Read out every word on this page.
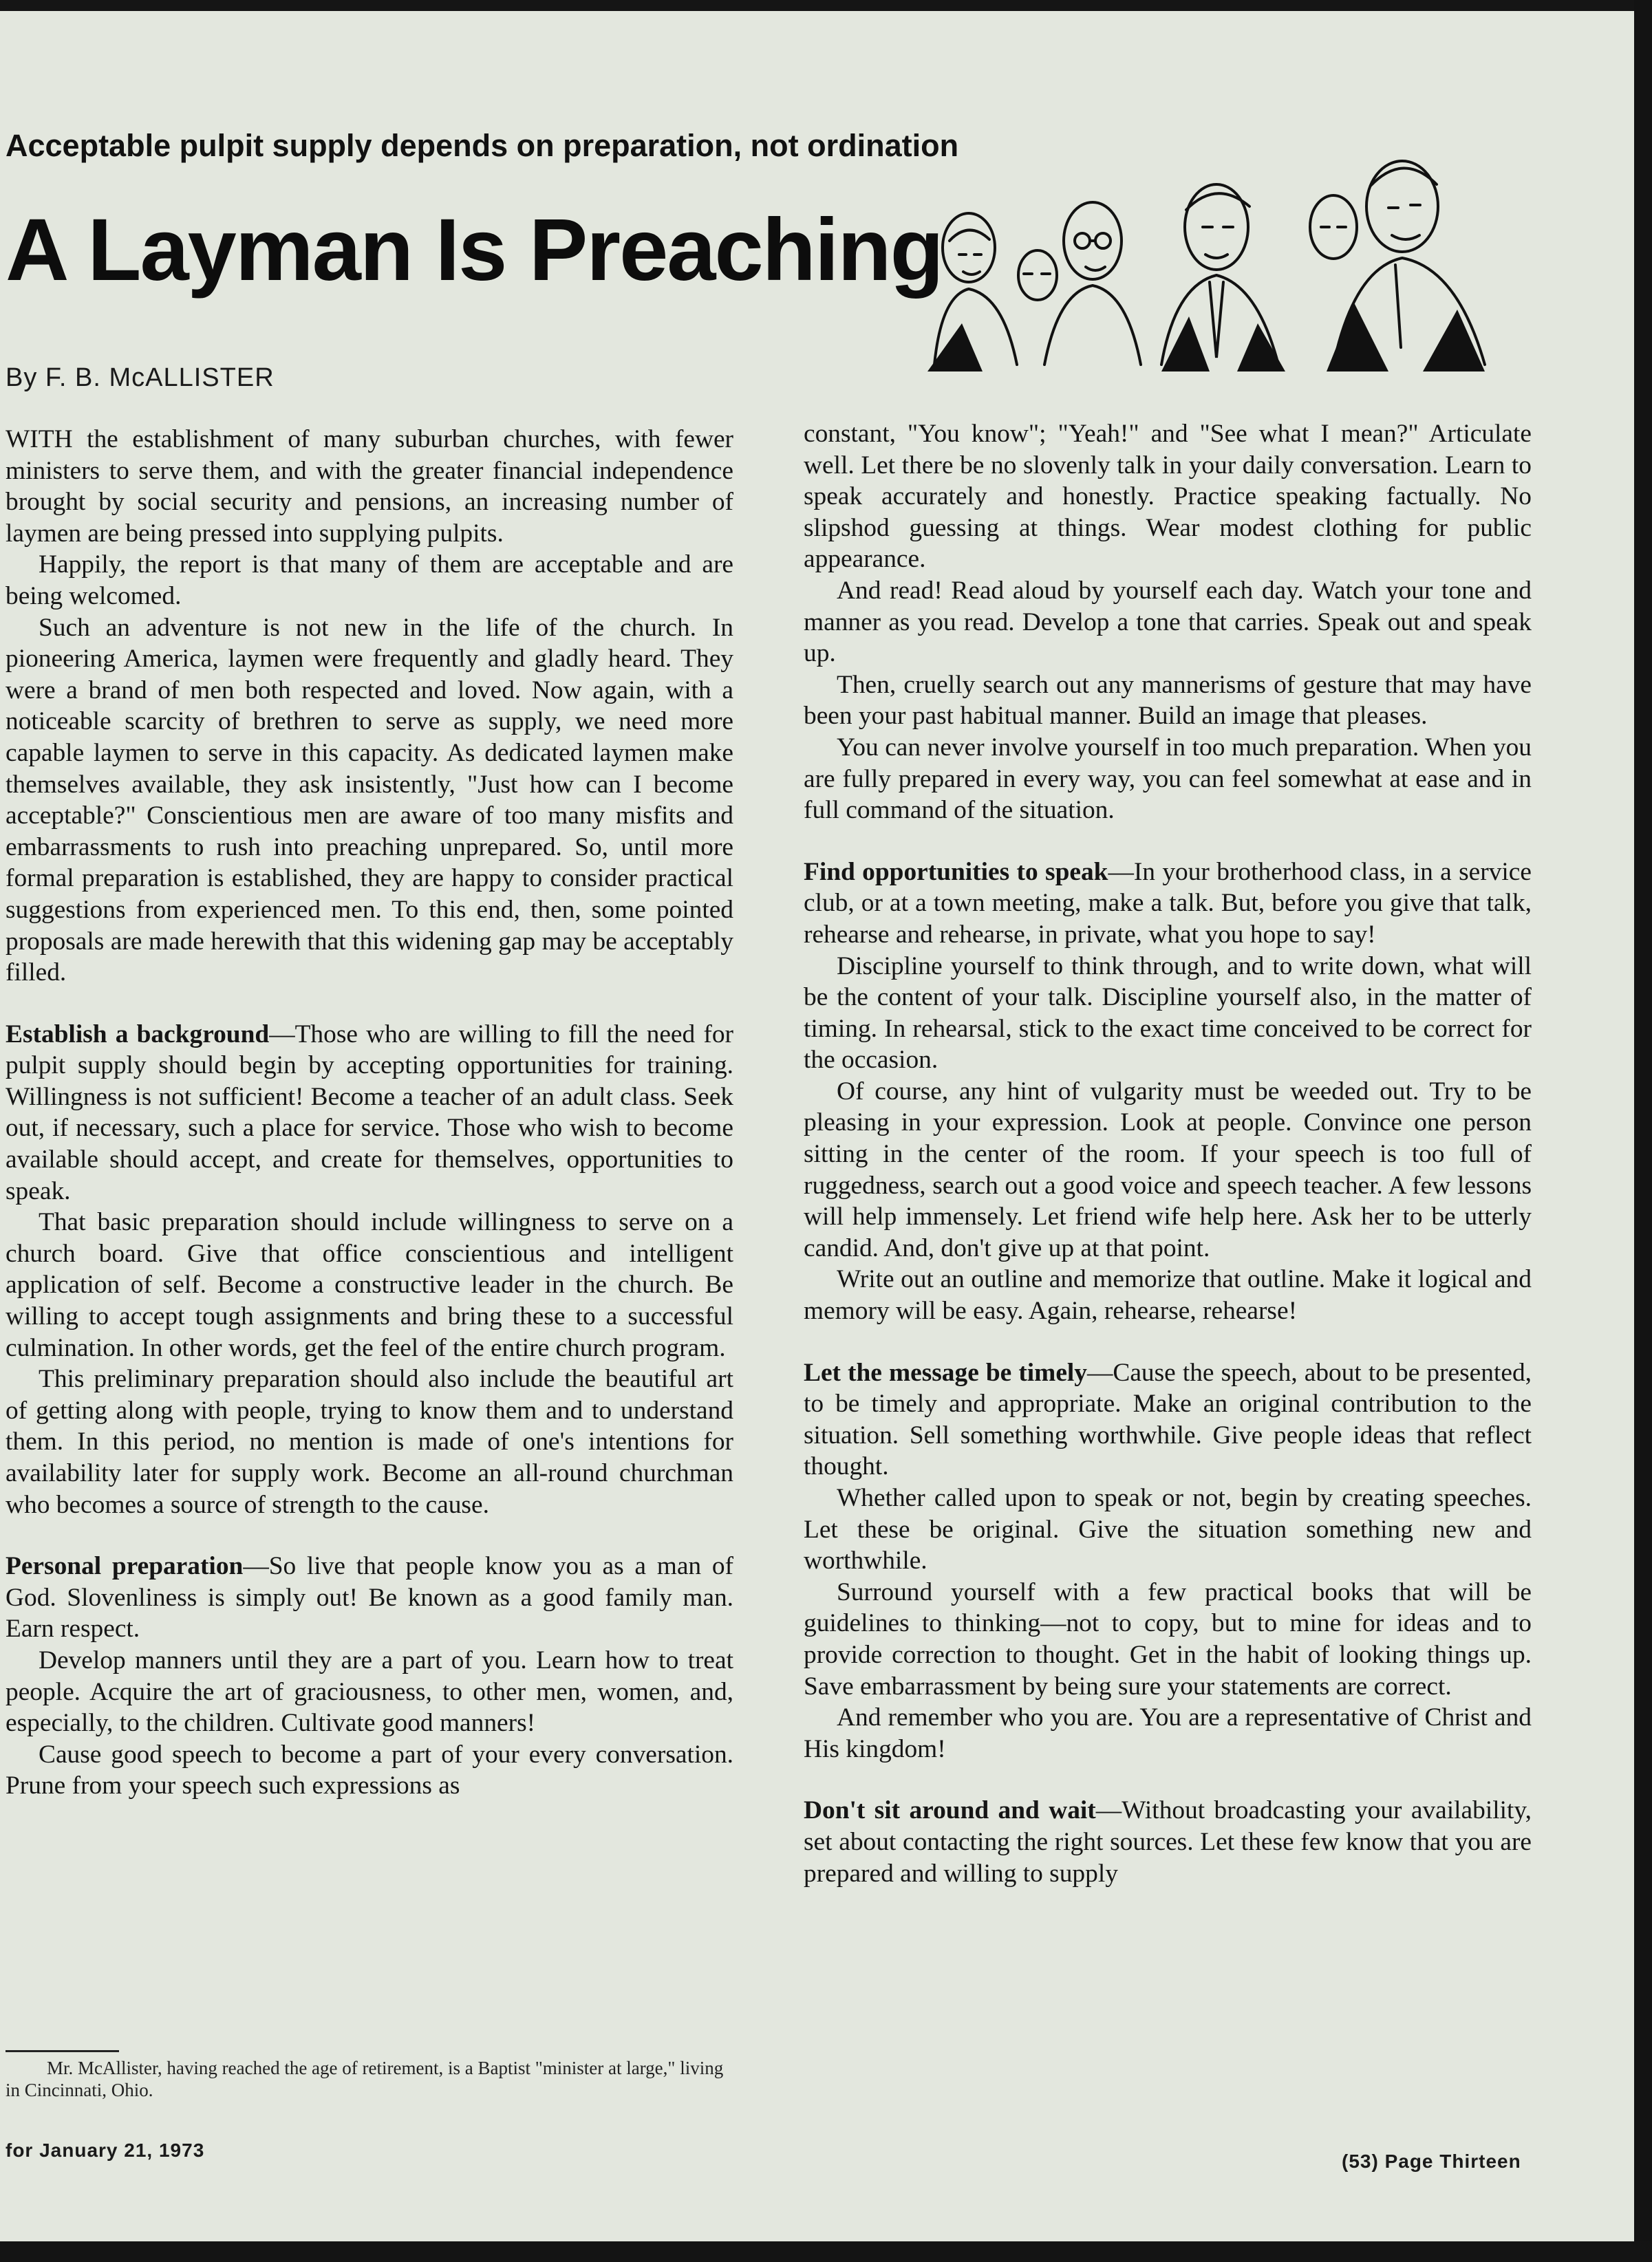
Acceptable pulpit supply depends on preparation, not ordination
A Layman Is Preaching
By F. B. McALLISTER

WITH the establishment of many suburban churches, with fewer ministers to serve them, and with the greater financial independence brought by social security and pensions, an increasing number of laymen are being pressed into supplying pulpits.

Happily, the report is that many of them are acceptable and are being welcomed.

Such an adventure is not new in the life of the church. In pioneering America, laymen were frequently and gladly heard. They were a brand of men both respected and loved. Now again, with a noticeable scarcity of brethren to serve as supply, we need more capable laymen to serve in this capacity. As dedicated laymen make themselves available, they ask insistently, "Just how can I become acceptable?" Conscientious men are aware of too many misfits and embarrassments to rush into preaching unprepared. So, until more formal preparation is established, they are happy to consider practical suggestions from experienced men. To this end, then, some pointed proposals are made herewith that this widening gap may be acceptably filled.

Establish a background—Those who are willing to fill the need for pulpit supply should begin by accepting opportunities for training. Willingness is not sufficient! Become a teacher of an adult class. Seek out, if necessary, such a place for service. Those who wish to become available should accept, and create for themselves, opportunities to speak.

That basic preparation should include willingness to serve on a church board. Give that office conscientious and intelligent application of self. Become a constructive leader in the church. Be willing to accept tough assignments and bring these to a successful culmination. In other words, get the feel of the entire church program.

This preliminary preparation should also include the beautiful art of getting along with people, trying to know them and to understand them. In this period, no mention is made of one's intentions for availability later for supply work. Become an all-round churchman who becomes a source of strength to the cause.

Personal preparation—So live that people know you as a man of God. Slovenliness is simply out! Be known as a good family man. Earn respect.

Develop manners until they are a part of you. Learn how to treat people. Acquire the art of graciousness, to other men, women, and, especially, to the children. Cultivate good manners!

Cause good speech to become a part of your every conversation. Prune from your speech such expressions as

constant, "You know"; "Yeah!" and "See what I mean?" Articulate well. Let there be no slovenly talk in your daily conversation. Learn to speak accurately and honestly. Practice speaking factually. No slipshod guessing at things. Wear modest clothing for public appearance.

And read! Read aloud by yourself each day. Watch your tone and manner as you read. Develop a tone that carries. Speak out and speak up.

Then, cruelly search out any mannerisms of gesture that may have been your past habitual manner. Build an image that pleases.

You can never involve yourself in too much preparation. When you are fully prepared in every way, you can feel somewhat at ease and in full command of the situation.

Find opportunities to speak—In your brotherhood class, in a service club, or at a town meeting, make a talk. But, before you give that talk, rehearse and rehearse, in private, what you hope to say!

Discipline yourself to think through, and to write down, what will be the content of your talk. Discipline yourself also, in the matter of timing. In rehearsal, stick to the exact time conceived to be correct for the occasion.

Of course, any hint of vulgarity must be weeded out. Try to be pleasing in your expression. Look at people. Convince one person sitting in the center of the room. If your speech is too full of ruggedness, search out a good voice and speech teacher. A few lessons will help immensely. Let friend wife help here. Ask her to be utterly candid. And, don't give up at that point.

Write out an outline and memorize that outline. Make it logical and memory will be easy. Again, rehearse, rehearse!

Let the message be timely—Cause the speech, about to be presented, to be timely and appropriate. Make an original contribution to the situation. Sell something worthwhile. Give people ideas that reflect thought.

Whether called upon to speak or not, begin by creating speeches. Let these be original. Give the situation something new and worthwhile.

Surround yourself with a few practical books that will be guidelines to thinking—not to copy, but to mine for ideas and to provide correction to thought. Get in the habit of looking things up. Save embarrassment by being sure your statements are correct.

And remember who you are. You are a representative of Christ and His kingdom!

Don't sit around and wait—Without broadcasting your availability, set about contacting the right sources. Let these few know that you are prepared and willing to supply

Mr. McAllister, having reached the age of retirement, is a Baptist "minister at large," living in Cincinnati, Ohio.
for January 21, 1973
(53) Page Thirteen
